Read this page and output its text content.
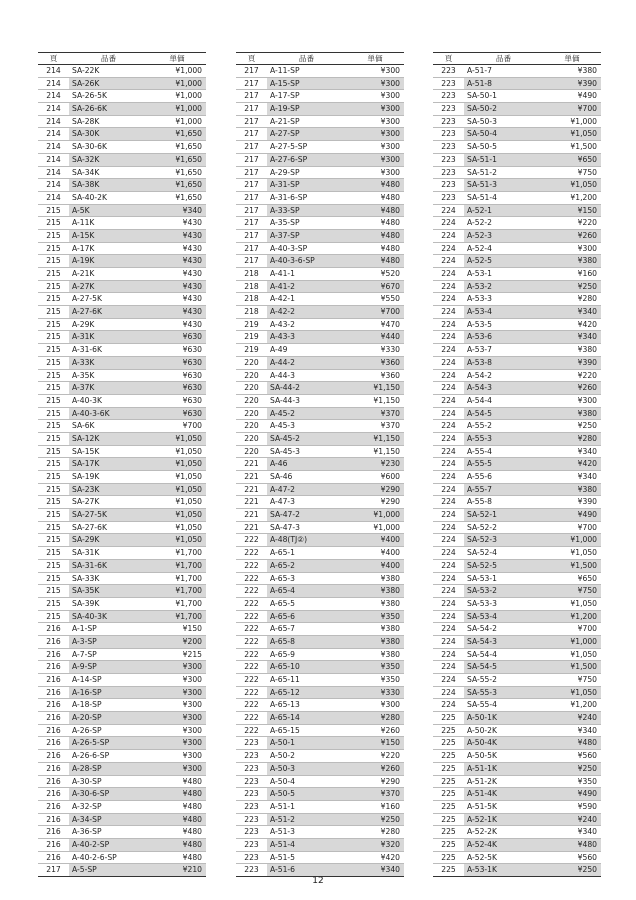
頁	品番	単価
214	SA-22K	¥1,000
214	SA-26K	¥1,000
214	SA-26-5K	¥1,000
214	SA-26-6K	¥1,000
214	SA-28K	¥1,000
214	SA-30K	¥1,650
214	SA-30-6K	¥1,650
214	SA-32K	¥1,650
214	SA-34K	¥1,650
214	SA-38K	¥1,650
214	SA-40-2K	¥1,650
215	A-5K	¥340
215	A-11K	¥430
215	A-15K	¥430
215	A-17K	¥430
215	A-19K	¥430
215	A-21K	¥430
215	A-27K	¥430
215	A-27-5K	¥430
215	A-27-6K	¥430
215	A-29K	¥430
215	A-31K	¥630
215	A-31-6K	¥630
215	A-33K	¥630
215	A-35K	¥630
215	A-37K	¥630
215	A-40-3K	¥630
215	A-40-3-6K	¥630
215	SA-6K	¥700
215	SA-12K	¥1,050
215	SA-15K	¥1,050
215	SA-17K	¥1,050
215	SA-19K	¥1,050
215	SA-23K	¥1,050
215	SA-27K	¥1,050
215	SA-27-5K	¥1,050
215	SA-27-6K	¥1,050
215	SA-29K	¥1,050
215	SA-31K	¥1,700
215	SA-31-6K	¥1,700
215	SA-33K	¥1,700
215	SA-35K	¥1,700
215	SA-39K	¥1,700
215	SA-40-3K	¥1,700
216	A-1-SP	¥150
216	A-3-SP	¥200
216	A-7-SP	¥215
216	A-9-SP	¥300
216	A-14-SP	¥300
216	A-16-SP	¥300
216	A-18-SP	¥300
216	A-20-SP	¥300
216	A-26-SP	¥300
216	A-26-5-SP	¥300
216	A-26-6-SP	¥300
216	A-28-SP	¥300
216	A-30-SP	¥480
216	A-30-6-SP	¥480
216	A-32-SP	¥480
216	A-34-SP	¥480
216	A-36-SP	¥480
216	A-40-2-SP	¥480
216	A-40-2-6-SP	¥480
217	A-5-SP	¥210
頁	品番	単価
217	A-11-SP	¥300
217	A-15-SP	¥300
217	A-17-SP	¥300
217	A-19-SP	¥300
217	A-21-SP	¥300
217	A-27-SP	¥300
217	A-27-5-SP	¥300
217	A-27-6-SP	¥300
217	A-29-SP	¥300
217	A-31-SP	¥480
217	A-31-6-SP	¥480
217	A-33-SP	¥480
217	A-35-SP	¥480
217	A-37-SP	¥480
217	A-40-3-SP	¥480
217	A-40-3-6-SP	¥480
218	A-41-1	¥520
218	A-41-2	¥670
218	A-42-1	¥550
218	A-42-2	¥700
219	A-43-2	¥470
219	A-43-3	¥440
219	A-49	¥330
220	A-44-2	¥360
220	A-44-3	¥360
220	SA-44-2	¥1,150
220	SA-44-3	¥1,150
220	A-45-2	¥370
220	A-45-3	¥370
220	SA-45-2	¥1,150
220	SA-45-3	¥1,150
221	A-46	¥230
221	SA-46	¥600
221	A-47-2	¥290
221	A-47-3	¥290
221	SA-47-2	¥1,000
221	SA-47-3	¥1,000
222	A-48(TJ②)	¥400
222	A-65-1	¥400
222	A-65-2	¥400
222	A-65-3	¥380
222	A-65-4	¥380
222	A-65-5	¥380
222	A-65-6	¥350
222	A-65-7	¥380
222	A-65-8	¥380
222	A-65-9	¥380
222	A-65-10	¥350
222	A-65-11	¥350
222	A-65-12	¥330
222	A-65-13	¥300
222	A-65-14	¥280
222	A-65-15	¥260
223	A-50-1	¥150
223	A-50-2	¥220
223	A-50-3	¥260
223	A-50-4	¥290
223	A-50-5	¥370
223	A-51-1	¥160
223	A-51-2	¥250
223	A-51-3	¥280
223	A-51-4	¥320
223	A-51-5	¥420
223	A-51-6	¥340
頁	品番	単価
223	A-51-7	¥380
223	A-51-8	¥390
223	SA-50-1	¥490
223	SA-50-2	¥700
223	SA-50-3	¥1,000
223	SA-50-4	¥1,050
223	SA-50-5	¥1,500
223	SA-51-1	¥650
223	SA-51-2	¥750
223	SA-51-3	¥1,050
223	SA-51-4	¥1,200
224	A-52-1	¥150
224	A-52-2	¥220
224	A-52-3	¥260
224	A-52-4	¥300
224	A-52-5	¥380
224	A-53-1	¥160
224	A-53-2	¥250
224	A-53-3	¥280
224	A-53-4	¥340
224	A-53-5	¥420
224	A-53-6	¥340
224	A-53-7	¥380
224	A-53-8	¥390
224	A-54-2	¥220
224	A-54-3	¥260
224	A-54-4	¥300
224	A-54-5	¥380
224	A-55-2	¥250
224	A-55-3	¥280
224	A-55-4	¥340
224	A-55-5	¥420
224	A-55-6	¥340
224	A-55-7	¥380
224	A-55-8	¥390
224	SA-52-1	¥490
224	SA-52-2	¥700
224	SA-52-3	¥1,000
224	SA-52-4	¥1,050
224	SA-52-5	¥1,500
224	SA-53-1	¥650
224	SA-53-2	¥750
224	SA-53-3	¥1,050
224	SA-53-4	¥1,200
224	SA-54-2	¥700
224	SA-54-3	¥1,000
224	SA-54-4	¥1,050
224	SA-54-5	¥1,500
224	SA-55-2	¥750
224	SA-55-3	¥1,050
224	SA-55-4	¥1,200
225	A-50-1K	¥240
225	A-50-2K	¥340
225	A-50-4K	¥480
225	A-50-5K	¥560
225	A-51-1K	¥250
225	A-51-2K	¥350
225	A-51-4K	¥490
225	A-51-5K	¥590
225	A-52-1K	¥240
225	A-52-2K	¥340
225	A-52-4K	¥480
225	A-52-5K	¥560
225	A-53-1K	¥250
12
